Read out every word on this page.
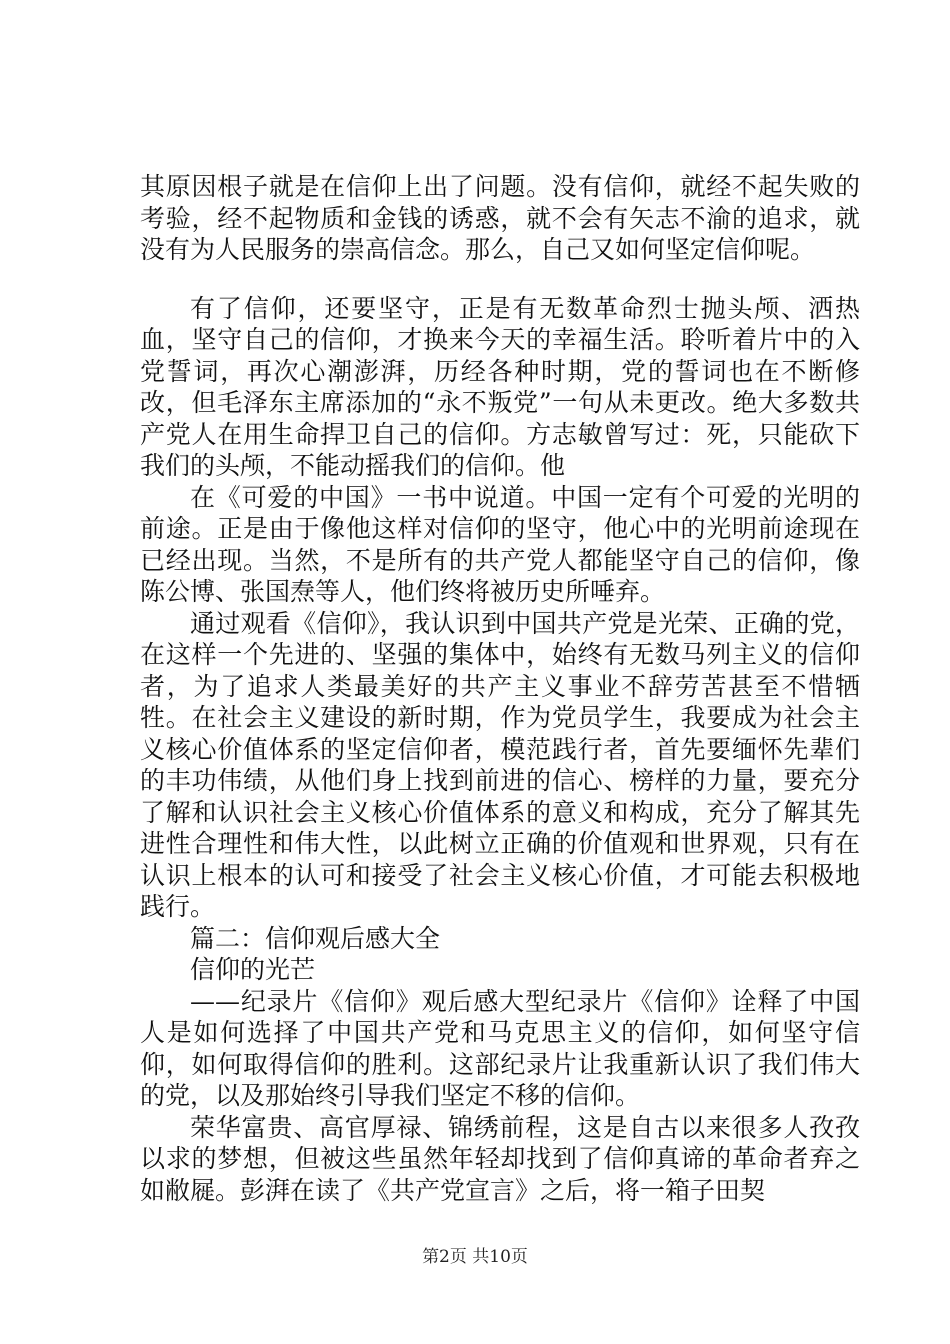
其原因根子就是在信仰上出了问题。没有信仰，就经不起失败的考验，经不起物质和金钱的诱惑，就不会有矢志不渝的追求，就没有为人民服务的崇高信念。那么，自己又如何坚定信仰呢。

有了信仰，还要坚守，正是有无数革命烈士抛头颅、洒热血，坚守自己的信仰，才换来今天的幸福生活。聆听着片中的入党誓词，再次心潮澎湃，历经各种时期，党的誓词也在不断修改，但毛泽东主席添加的“永不叛党”一句从未更改。绝大多数共产党人在用生命捍卫自己的信仰。方志敏曾写过：死，只能砍下我们的头颅，不能动摇我们的信仰。他

在《可爱的中国》一书中说道。中国一定有个可爱的光明的前途。正是由于像他这样对信仰的坚守，他心中的光明前途现在已经出现。当然，不是所有的共产党人都能坚守自己的信仰，像陈公博、张国焘等人，他们终将被历史所唾弃。

通过观看《信仰》，我认识到中国共产党是光荣、正确的党，在这样一个先进的、坚强的集体中，始终有无数马列主义的信仰者，为了追求人类最美好的共产主义事业不辞劳苦甚至不惜牺牲。在社会主义建设的新时期，作为党员学生，我要成为社会主义核心价值体系的坚定信仰者，模范践行者，首先要缅怀先辈们的丰功伟绩，从他们身上找到前进的信心、榜样的力量，要充分了解和认识社会主义核心价值体系的意义和构成，充分了解其先进性合理性和伟大性，以此树立正确的价值观和世界观，只有在认识上根本的认可和接受了社会主义核心价值，才可能去积极地践行。

篇二：信仰观后感大全

信仰的光芒

——纪录片《信仰》观后感大型纪录片《信仰》诠释了中国人是如何选择了中国共产党和马克思主义的信仰，如何坚守信仰，如何取得信仰的胜利。这部纪录片让我重新认识了我们伟大的党，以及那始终引导我们坚定不移的信仰。

荣华富贵、高官厚禄、锦绣前程，这是自古以来很多人孜孜以求的梦想，但被这些虽然年轻却找到了信仰真谛的革命者弃之如敝屣。彭湃在读了《共产党宣言》之后，将一箱子田契

第2页 共10页
